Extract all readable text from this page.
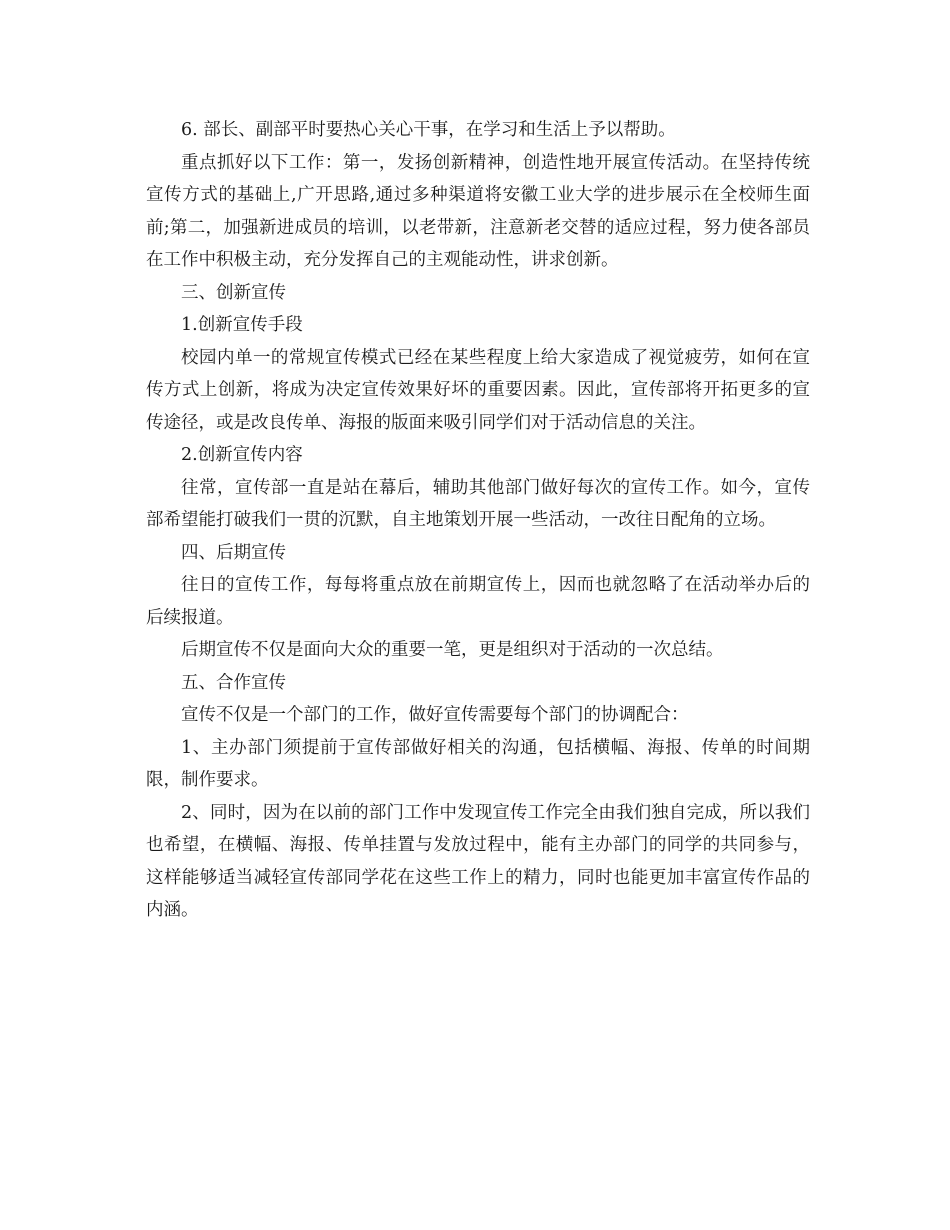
6. 部长、副部平时要热心关心干事，在学习和生活上予以帮助。

重点抓好以下工作：第一，发扬创新精神，创造性地开展宣传活动。在坚持传统宣传方式的基础上,广开思路,通过多种渠道将安徽工业大学的进步展示在全校师生面前;第二，加强新进成员的培训，以老带新，注意新老交替的适应过程，努力使各部员在工作中积极主动，充分发挥自己的主观能动性，讲求创新。

三、创新宣传

1.创新宣传手段

校园内单一的常规宣传模式已经在某些程度上给大家造成了视觉疲劳，如何在宣传方式上创新，将成为决定宣传效果好坏的重要因素。因此，宣传部将开拓更多的宣传途径，或是改良传单、海报的版面来吸引同学们对于活动信息的关注。

2.创新宣传内容

往常，宣传部一直是站在幕后，辅助其他部门做好每次的宣传工作。如今，宣传部希望能打破我们一贯的沉默，自主地策划开展一些活动，一改往日配角的立场。

四、后期宣传

往日的宣传工作，每每将重点放在前期宣传上，因而也就忽略了在活动举办后的后续报道。

后期宣传不仅是面向大众的重要一笔，更是组织对于活动的一次总结。

五、合作宣传

宣传不仅是一个部门的工作，做好宣传需要每个部门的协调配合：

1、主办部门须提前于宣传部做好相关的沟通，包括横幅、海报、传单的时间期限，制作要求。

2、同时，因为在以前的部门工作中发现宣传工作完全由我们独自完成，所以我们也希望，在横幅、海报、传单挂置与发放过程中，能有主办部门的同学的共同参与，这样能够适当减轻宣传部同学花在这些工作上的精力，同时也能更加丰富宣传作品的内涵。
